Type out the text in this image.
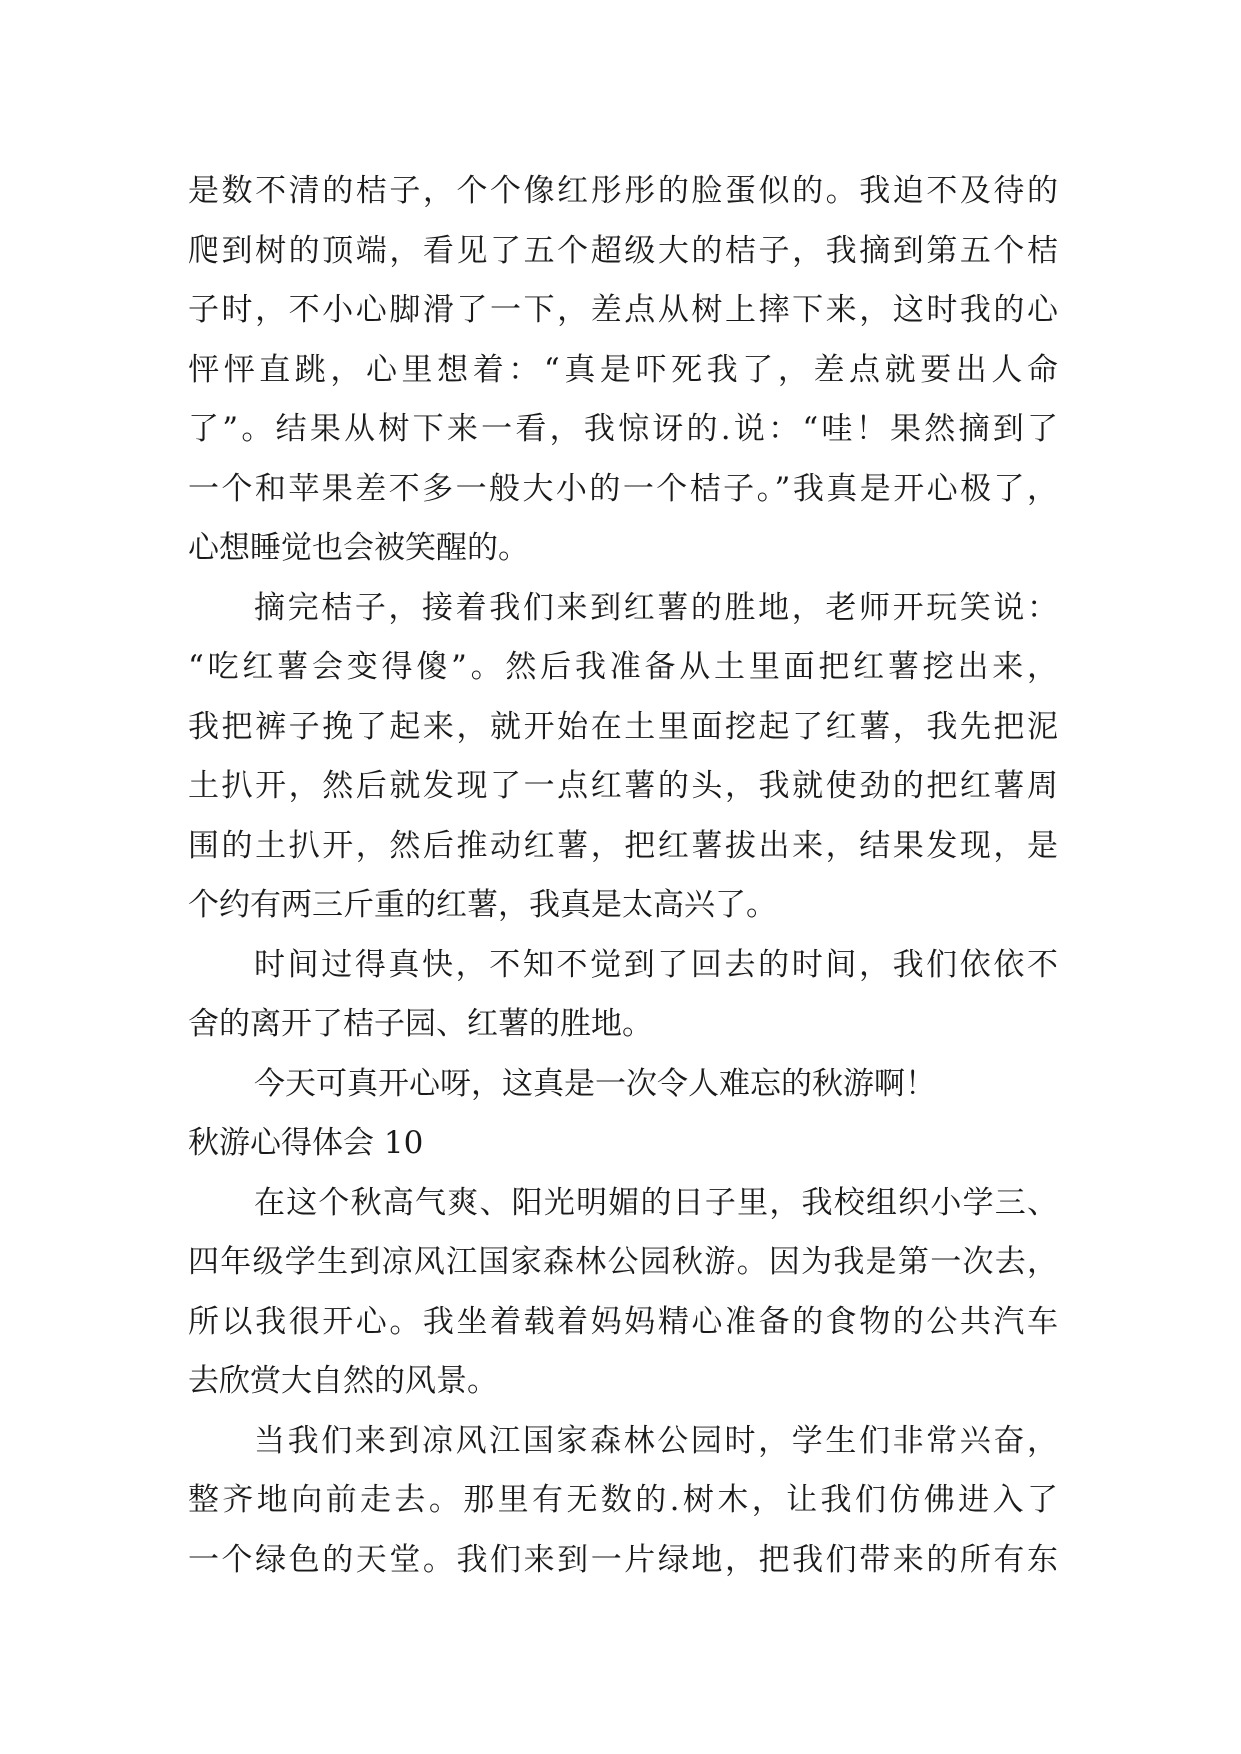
是数不清的桔子，个个像红彤彤的脸蛋似的。我迫不及待的
爬到树的顶端，看见了五个超级大的桔子，我摘到第五个桔
子时，不小心脚滑了一下，差点从树上摔下来，这时我的心
怦怦直跳，心里想着：“真是吓死我了，差点就要出人命
了”。结果从树下来一看，我惊讶的.说：“哇！果然摘到了
一个和苹果差不多一般大小的一个桔子。”我真是开心极了，
心想睡觉也会被笑醒的。
摘完桔子，接着我们来到红薯的胜地，老师开玩笑说：
“吃红薯会变得傻”。然后我准备从土里面把红薯挖出来，
我把裤子挽了起来，就开始在土里面挖起了红薯，我先把泥
土扒开，然后就发现了一点红薯的头，我就使劲的把红薯周
围的土扒开，然后推动红薯，把红薯拔出来，结果发现，是
个约有两三斤重的红薯，我真是太高兴了。
时间过得真快，不知不觉到了回去的时间，我们依依不
舍的离开了桔子园、红薯的胜地。
今天可真开心呀，这真是一次令人难忘的秋游啊！
秋游心得体会 10
在这个秋高气爽、阳光明媚的日子里，我校组织小学三、
四年级学生到凉风江国家森林公园秋游。因为我是第一次去，
所以我很开心。我坐着载着妈妈精心准备的食物的公共汽车
去欣赏大自然的风景。
当我们来到凉风江国家森林公园时，学生们非常兴奋，
整齐地向前走去。那里有无数的.树木，让我们仿佛进入了
一个绿色的天堂。我们来到一片绿地，把我们带来的所有东
